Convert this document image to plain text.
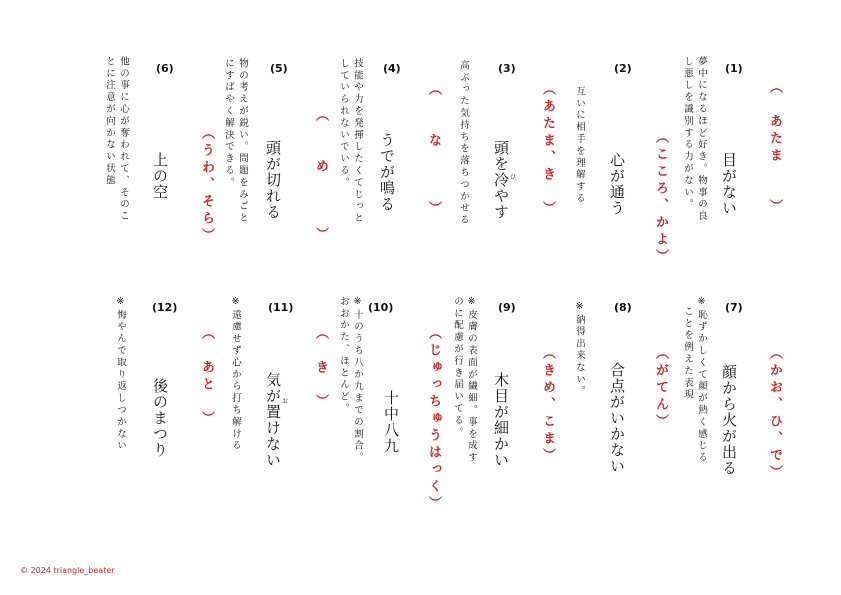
(1)
目がない
夢中になるほど好き。物事の良
し悪しを識別する力がない。	（　あたま　　）
(2)
心が通う
互いに相手を理解する	（こころ、かよ）
(3)
頭を冷やす
高ぶった気持ちを落ちつかせる	（あたま、き　）
ひ
(4)
うでが鳴る
技能や力を発揮したくてじっと
していられないでいる。	（　　な　　　）
(5)
頭が切れる
物の考えが鋭い。問題をみごと
にすばやく解決できる。	（　　め　　　）
(6)
上の空
他の事に心が奪われて、そのこ
とに注意が向かない状態	（うわ、そら）
(7)
顔から火が出る
※恥ずかしくて顔が熱く感じる
ことを例えた表現	（かお、ひ、で）
(8)
合点がいかない
※納得出来ない。	（がてん）
(9)
木目が細かい
※皮膚の表面が繊細。事を成す
のに配慮が行き届いてる。	（きめ、こま）
(10)
十中八九
※十のうち八か九までの割合。
おおかた、ほとんど。	（じゅっちゅうはっく）
(11)
気が置けない
※遠慮せず心から打ち解ける	（　き　）
お
(12)
後のまつり
※悔やんで取り返しつかない	（　あと　）
© 2024 triangle_beater
